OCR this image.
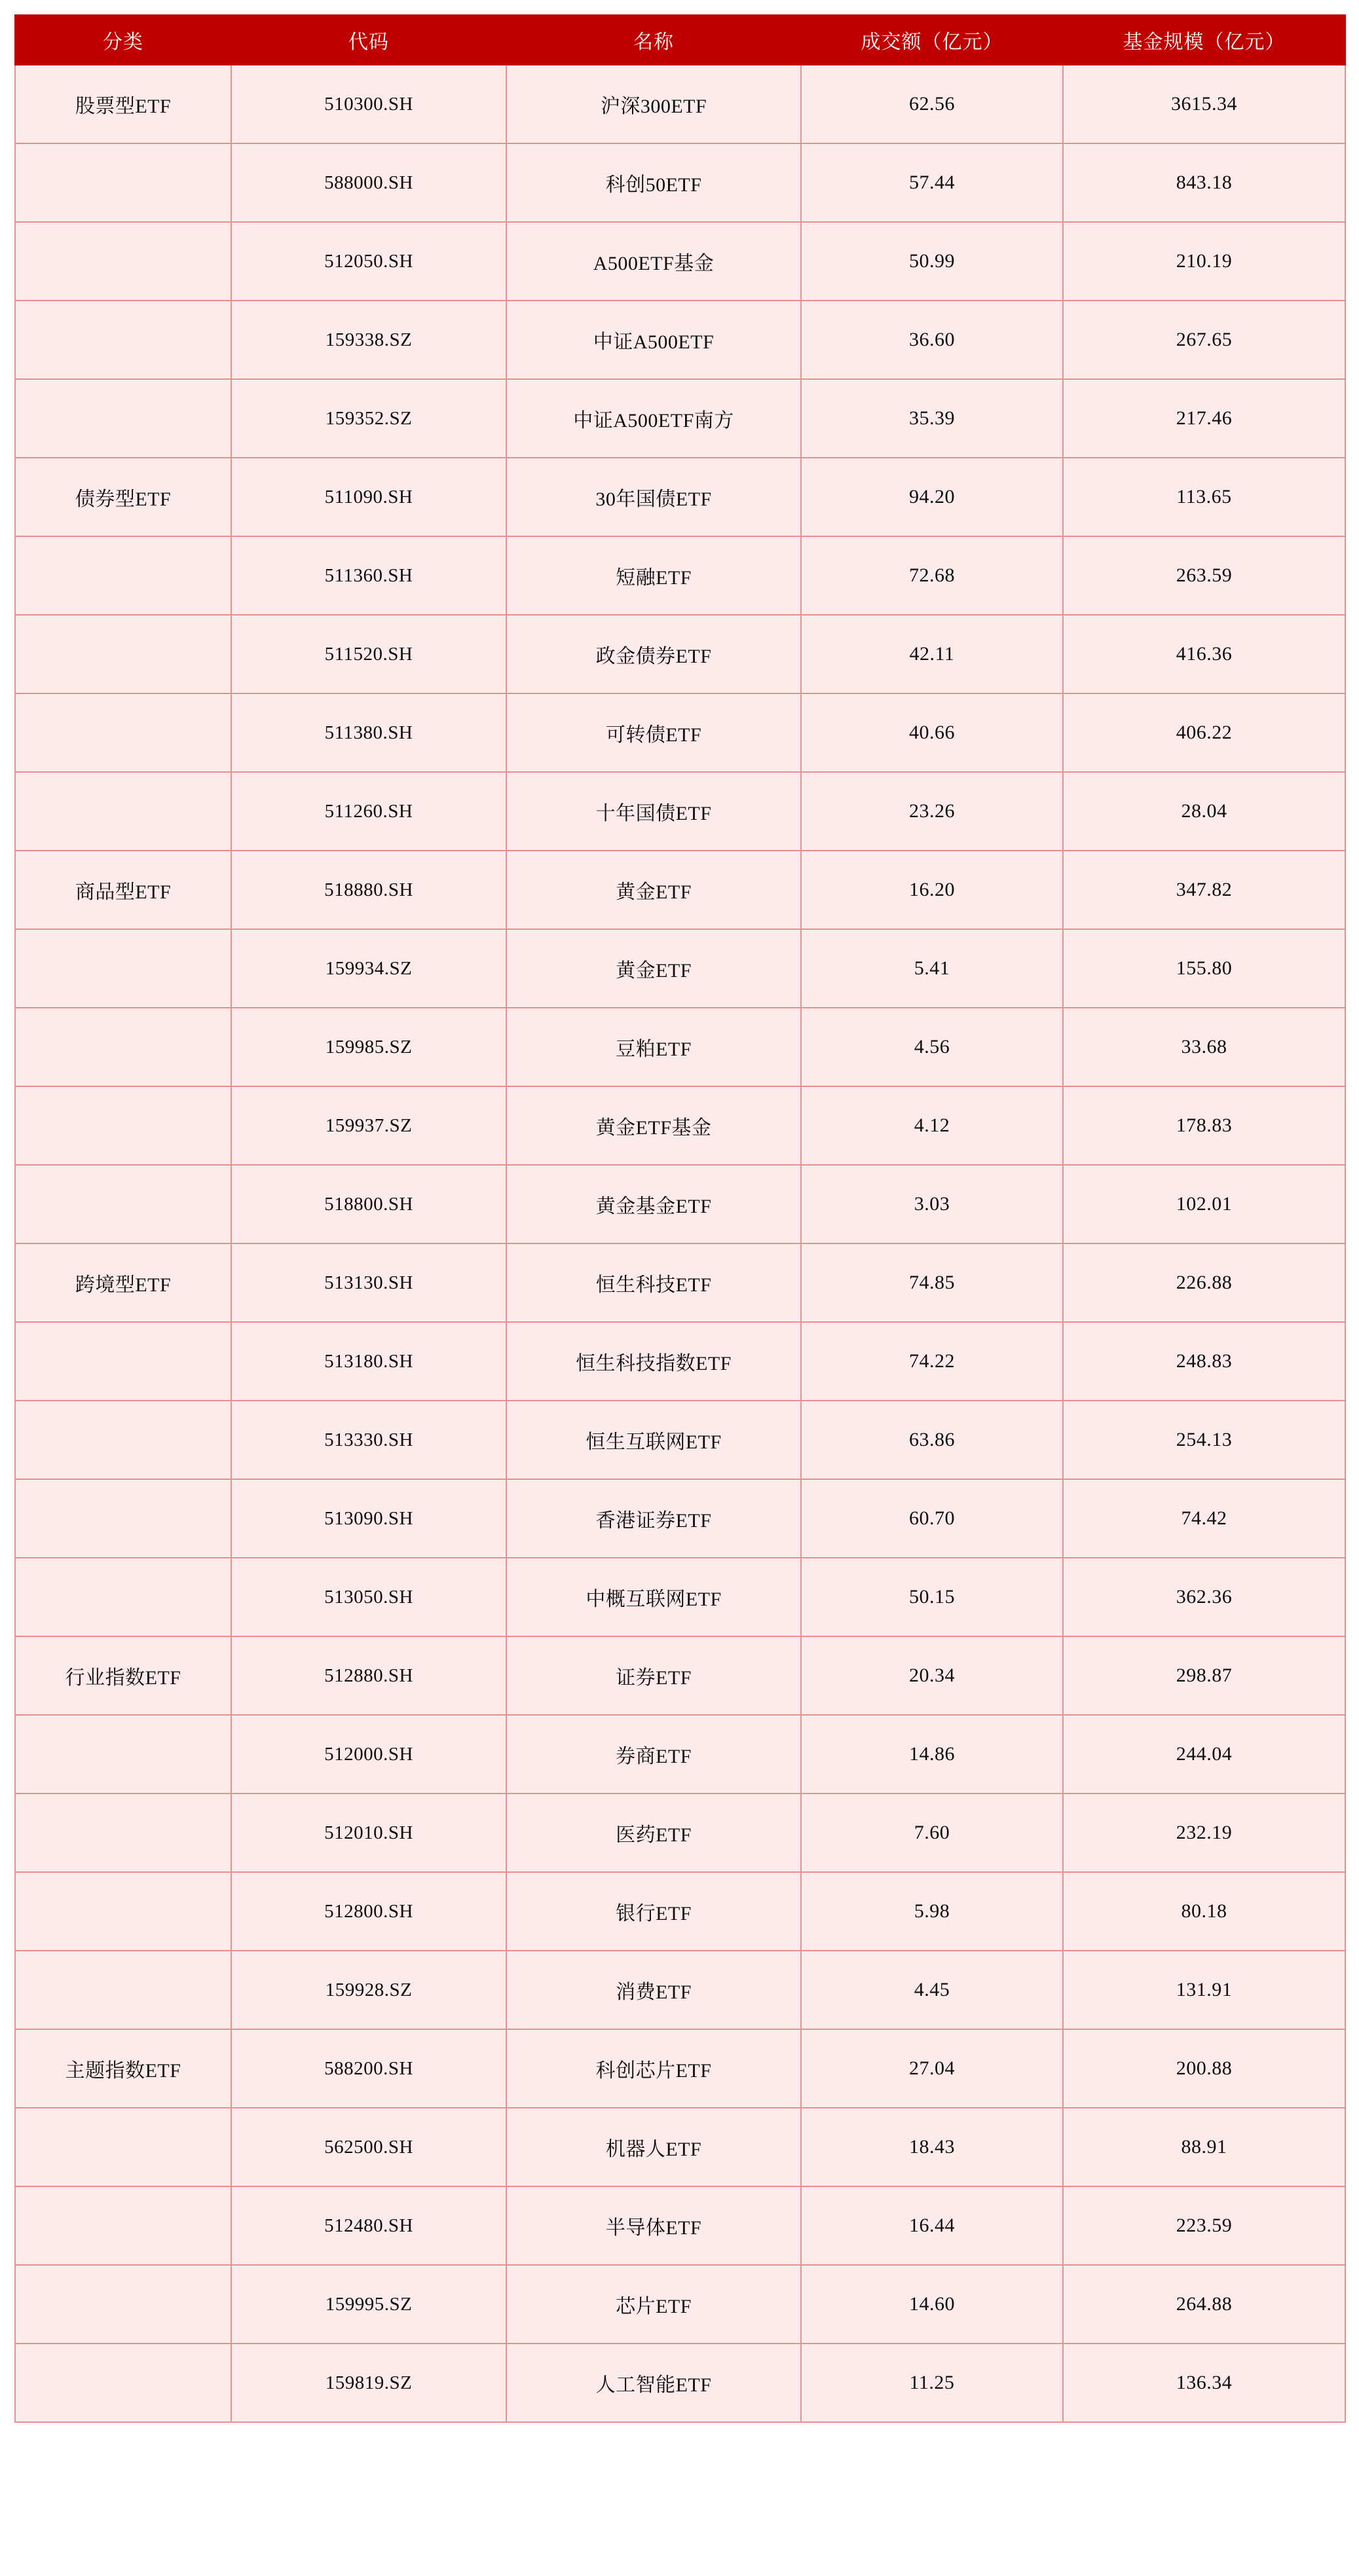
分类	代码	名称	成交额（亿元）	基金规模（亿元）
股票型ETF	510300.SH	沪深300ETF	62.56	3615.34
	588000.SH	科创50ETF	57.44	843.18
	512050.SH	A500ETF基金	50.99	210.19
	159338.SZ	中证A500ETF	36.60	267.65
	159352.SZ	中证A500ETF南方	35.39	217.46
债券型ETF	511090.SH	30年国债ETF	94.20	113.65
	511360.SH	短融ETF	72.68	263.59
	511520.SH	政金债券ETF	42.11	416.36
	511380.SH	可转债ETF	40.66	406.22
	511260.SH	十年国债ETF	23.26	28.04
商品型ETF	518880.SH	黄金ETF	16.20	347.82
	159934.SZ	黄金ETF	5.41	155.80
	159985.SZ	豆粕ETF	4.56	33.68
	159937.SZ	黄金ETF基金	4.12	178.83
	518800.SH	黄金基金ETF	3.03	102.01
跨境型ETF	513130.SH	恒生科技ETF	74.85	226.88
	513180.SH	恒生科技指数ETF	74.22	248.83
	513330.SH	恒生互联网ETF	63.86	254.13
	513090.SH	香港证券ETF	60.70	74.42
	513050.SH	中概互联网ETF	50.15	362.36
行业指数ETF	512880.SH	证券ETF	20.34	298.87
	512000.SH	券商ETF	14.86	244.04
	512010.SH	医药ETF	7.60	232.19
	512800.SH	银行ETF	5.98	80.18
	159928.SZ	消费ETF	4.45	131.91
主题指数ETF	588200.SH	科创芯片ETF	27.04	200.88
	562500.SH	机器人ETF	18.43	88.91
	512480.SH	半导体ETF	16.44	223.59
	159995.SZ	芯片ETF	14.60	264.88
	159819.SZ	人工智能ETF	11.25	136.34
